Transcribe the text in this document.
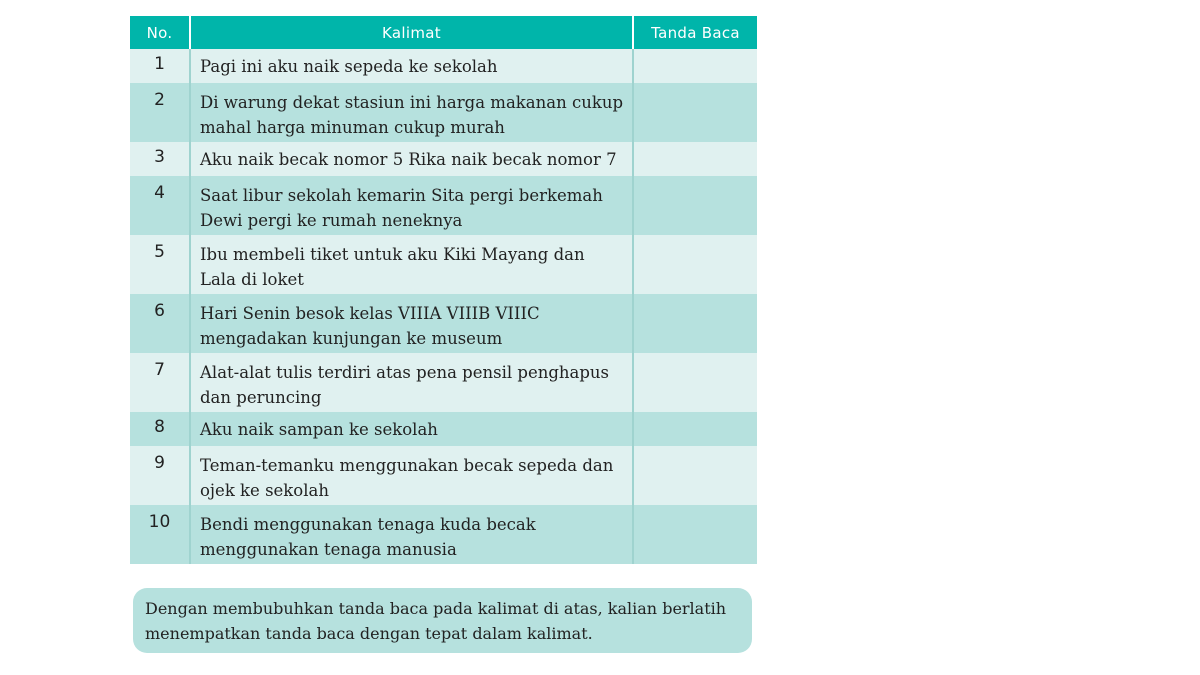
No.	Kalimat	Tanda Baca
1	Pagi ini aku naik sepeda ke sekolah	

2	Di warung dekat stasiun ini harga makanan cukup
mahal harga minuman cukup murah	

3	Aku naik becak nomor 5 Rika naik becak nomor 7	

4	Saat libur sekolah kemarin Sita pergi berkemah
Dewi pergi ke rumah neneknya	

5	Ibu membeli tiket untuk aku Kiki Mayang dan
Lala di loket	

6	Hari Senin besok kelas VIIIA VIIIB VIIIC
mengadakan kunjungan ke museum	

7	Alat-alat tulis terdiri atas pena pensil penghapus
dan peruncing	

8	Aku naik sampan ke sekolah	

9	Teman-temanku menggunakan becak sepeda dan
ojek ke sekolah	

10	Bendi menggunakan tenaga kuda becak
menggunakan tenaga manusia	

Dengan membubuhkan tanda baca pada kalimat di atas, kalian berlatih
menempatkan tanda baca dengan tepat dalam kalimat.
